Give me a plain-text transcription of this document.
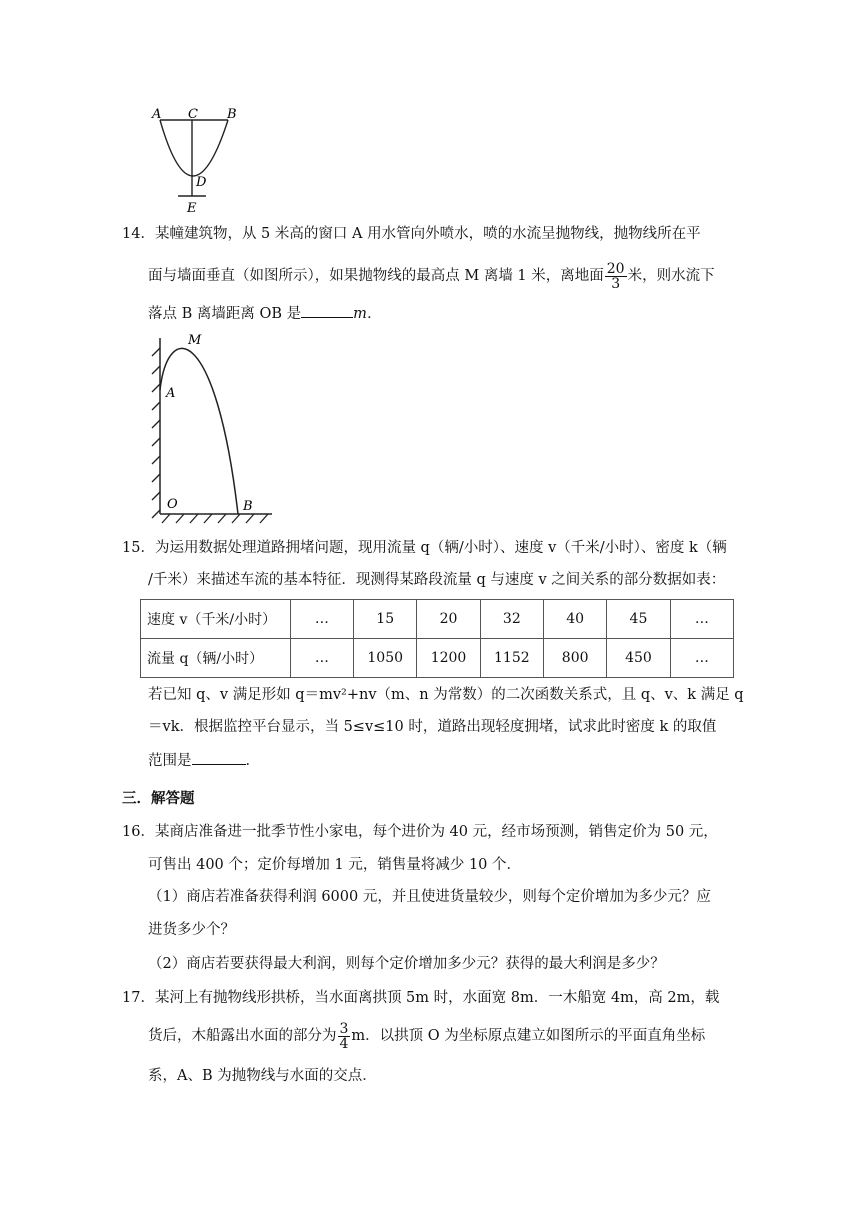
A C B
D
E
14．某幢建筑物，从 5 米高的窗口 A 用水管向外喷水，喷的水流呈抛物线，抛物线所在平
面与墙面垂直（如图所示），如果抛物线的最高点 M 离墙 1 米，离地面 $\frac{20}{3}$ 米，则水流下
落点 B 离墙距离 OB 是	m．
M
A
O	B
15．为运用数据处理道路拥堵问题，现用流量 q（辆/小时）、速度 v（千米/小时）、密度 k（辆
/千米）来描述车流的基本特征．现测得某路段流量 q 与速度 v 之间关系的部分数据如表：
速度 v（千米/小时）	…	15	20	32	40	45	…
流量 q（辆/小时）	…	1050	1200	1152	800	450	…
若已知 q、v 满足形如 q＝mv²+nv（m、n 为常数）的二次函数关系式，且 q、v、k 满足 q
＝vk．根据监控平台显示，当 5≤v≤10 时，道路出现轻度拥堵，试求此时密度 k 的取值
范围是	．
三．解答题
16．某商店准备进一批季节性小家电，每个进价为 40 元，经市场预测，销售定价为 50 元，
可售出 400 个；定价每增加 1 元，销售量将减少 10 个．
（1）商店若准备获得利润 6000 元，并且使进货量较少，则每个定价增加为多少元？应
进货多少个？
（2）商店若要获得最大利润，则每个定价增加多少元？获得的最大利润是多少？
17．某河上有抛物线形拱桥，当水面离拱顶 5m 时，水面宽 8m．一木船宽 4m，高 2m，载
货后，木船露出水面的部分为 $\frac{3}{4}$ m．以拱顶 O 为坐标原点建立如图所示的平面直角坐标
系，A、B 为抛物线与水面的交点．
